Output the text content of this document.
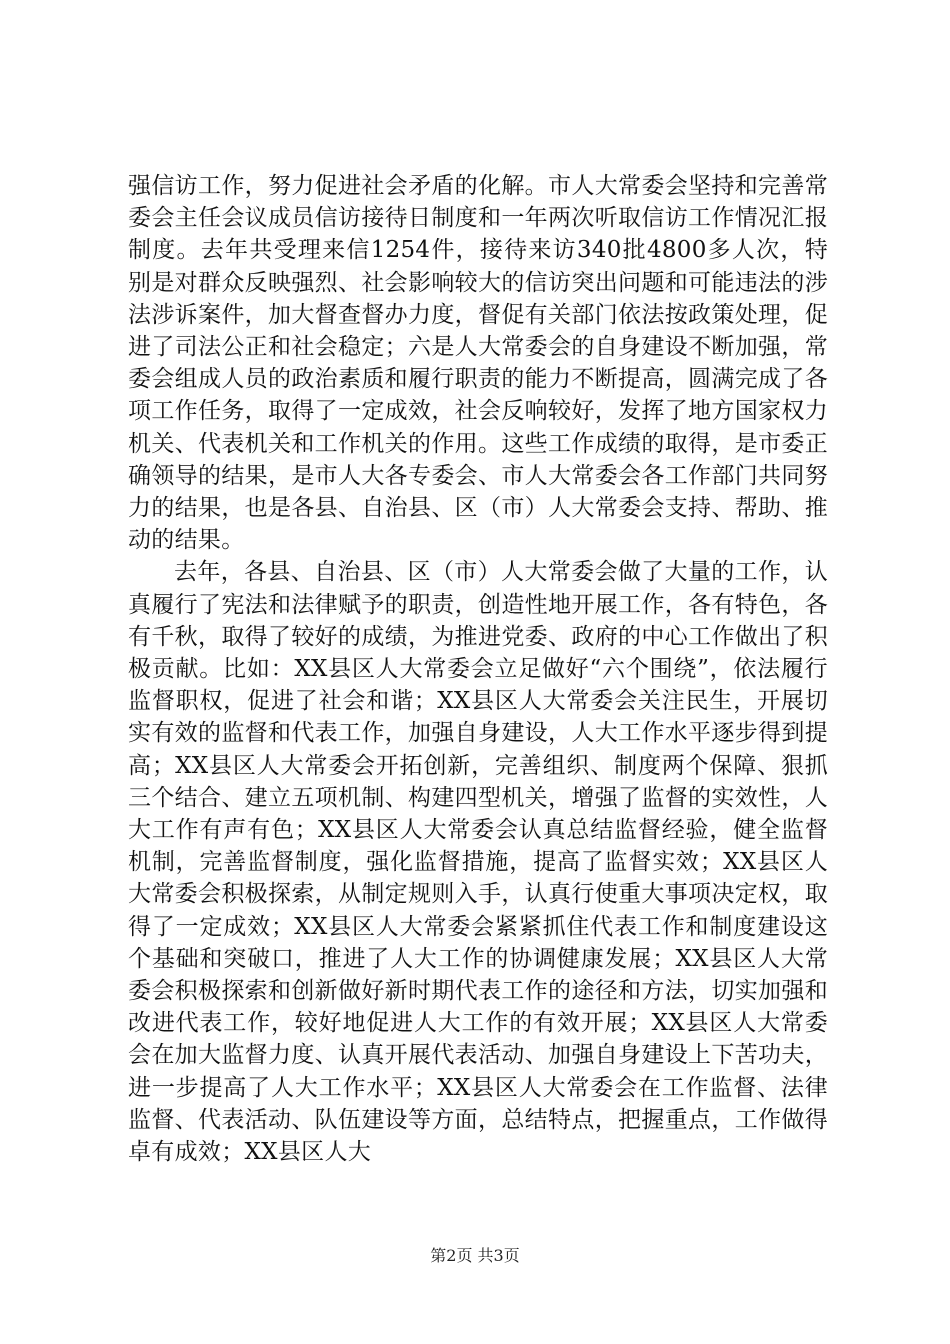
强信访工作，努力促进社会矛盾的化解。市人大常委会坚持和完善常委会主任会议成员信访接待日制度和一年两次听取信访工作情况汇报制度。去年共受理来信1254件，接待来访340批4800多人次，特别是对群众反映强烈、社会影响较大的信访突出问题和可能违法的涉法涉诉案件，加大督查督办力度，督促有关部门依法按政策处理，促进了司法公正和社会稳定；六是人大常委会的自身建设不断加强，常委会组成人员的政治素质和履行职责的能力不断提高，圆满完成了各项工作任务，取得了一定成效，社会反响较好，发挥了地方国家权力机关、代表机关和工作机关的作用。这些工作成绩的取得，是市委正确领导的结果，是市人大各专委会、市人大常委会各工作部门共同努力的结果，也是各县、自治县、区（市）人大常委会支持、帮助、推动的结果。

去年，各县、自治县、区（市）人大常委会做了大量的工作，认真履行了宪法和法律赋予的职责，创造性地开展工作，各有特色，各有千秋，取得了较好的成绩，为推进党委、政府的中心工作做出了积极贡献。比如：XX县区人大常委会立足做好“六个围绕”，依法履行监督职权，促进了社会和谐；XX县区人大常委会关注民生，开展切实有效的监督和代表工作，加强自身建设，人大工作水平逐步得到提高；XX县区人大常委会开拓创新，完善组织、制度两个保障、狠抓三个结合、建立五项机制、构建四型机关，增强了监督的实效性，人大工作有声有色；XX县区人大常委会认真总结监督经验，健全监督机制，完善监督制度，强化监督措施，提高了监督实效；XX县区人大常委会积极探索，从制定规则入手，认真行使重大事项决定权，取得了一定成效；XX县区人大常委会紧紧抓住代表工作和制度建设这个基础和突破口，推进了人大工作的协调健康发展；XX县区人大常委会积极探索和创新做好新时期代表工作的途径和方法，切实加强和改进代表工作，较好地促进人大工作的有效开展；XX县区人大常委会在加大监督力度、认真开展代表活动、加强自身建设上下苦功夫，进一步提高了人大工作水平；XX县区人大常委会在工作监督、法律监督、代表活动、队伍建设等方面，总结特点，把握重点，工作做得卓有成效；XX县区人大

第2页 共3页
